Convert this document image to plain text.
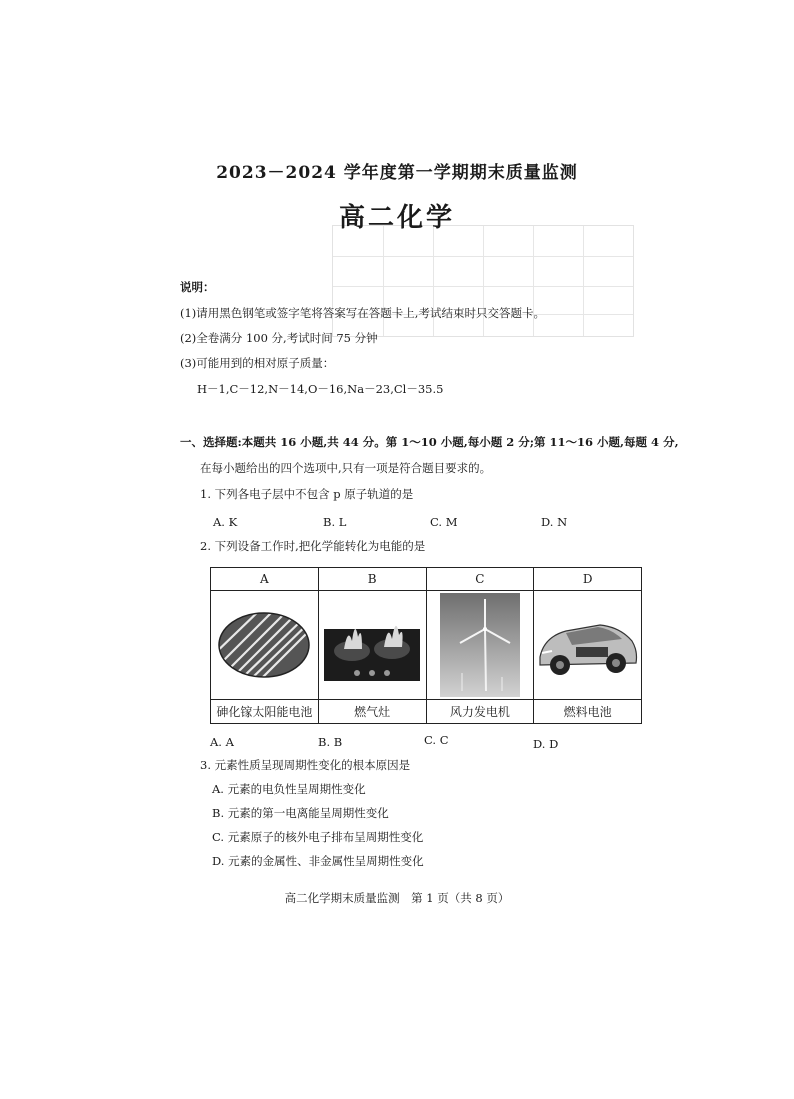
2023－2024 学年度第一学期期末质量监测
高二化学
说明：
(1)请用黑色钢笔或签字笔将答案写在答题卡上,考试结束时只交答题卡。
(2)全卷满分 100 分,考试时间 75 分钟
(3)可能用到的相对原子质量：
H－1,C－12,N－14,O－16,Na－23,Cl－35.5
一、选择题:本题共 16 小题,共 44 分。第 1～10 小题,每小题 2 分;第 11～16 小题,每题 4 分,
在每小题给出的四个选项中,只有一项是符合题目要求的。
1. 下列各电子层中不包含 p 原子轨道的是
A. K	B. L	C. M	D. N
2. 下列设备工作时,把化学能转化为电能的是
A	B	C	D

砷化镓太阳能电池	燃气灶	风力发电机	燃料电池
A. A	B. B	C. C	D. D
3. 元素性质呈现周期性变化的根本原因是
A. 元素的电负性呈周期性变化
B. 元素的第一电离能呈周期性变化
C. 元素原子的核外电子排布呈周期性变化
D. 元素的金属性、非金属性呈周期性变化
高二化学期末质量监测　第 1 页（共 8 页）
